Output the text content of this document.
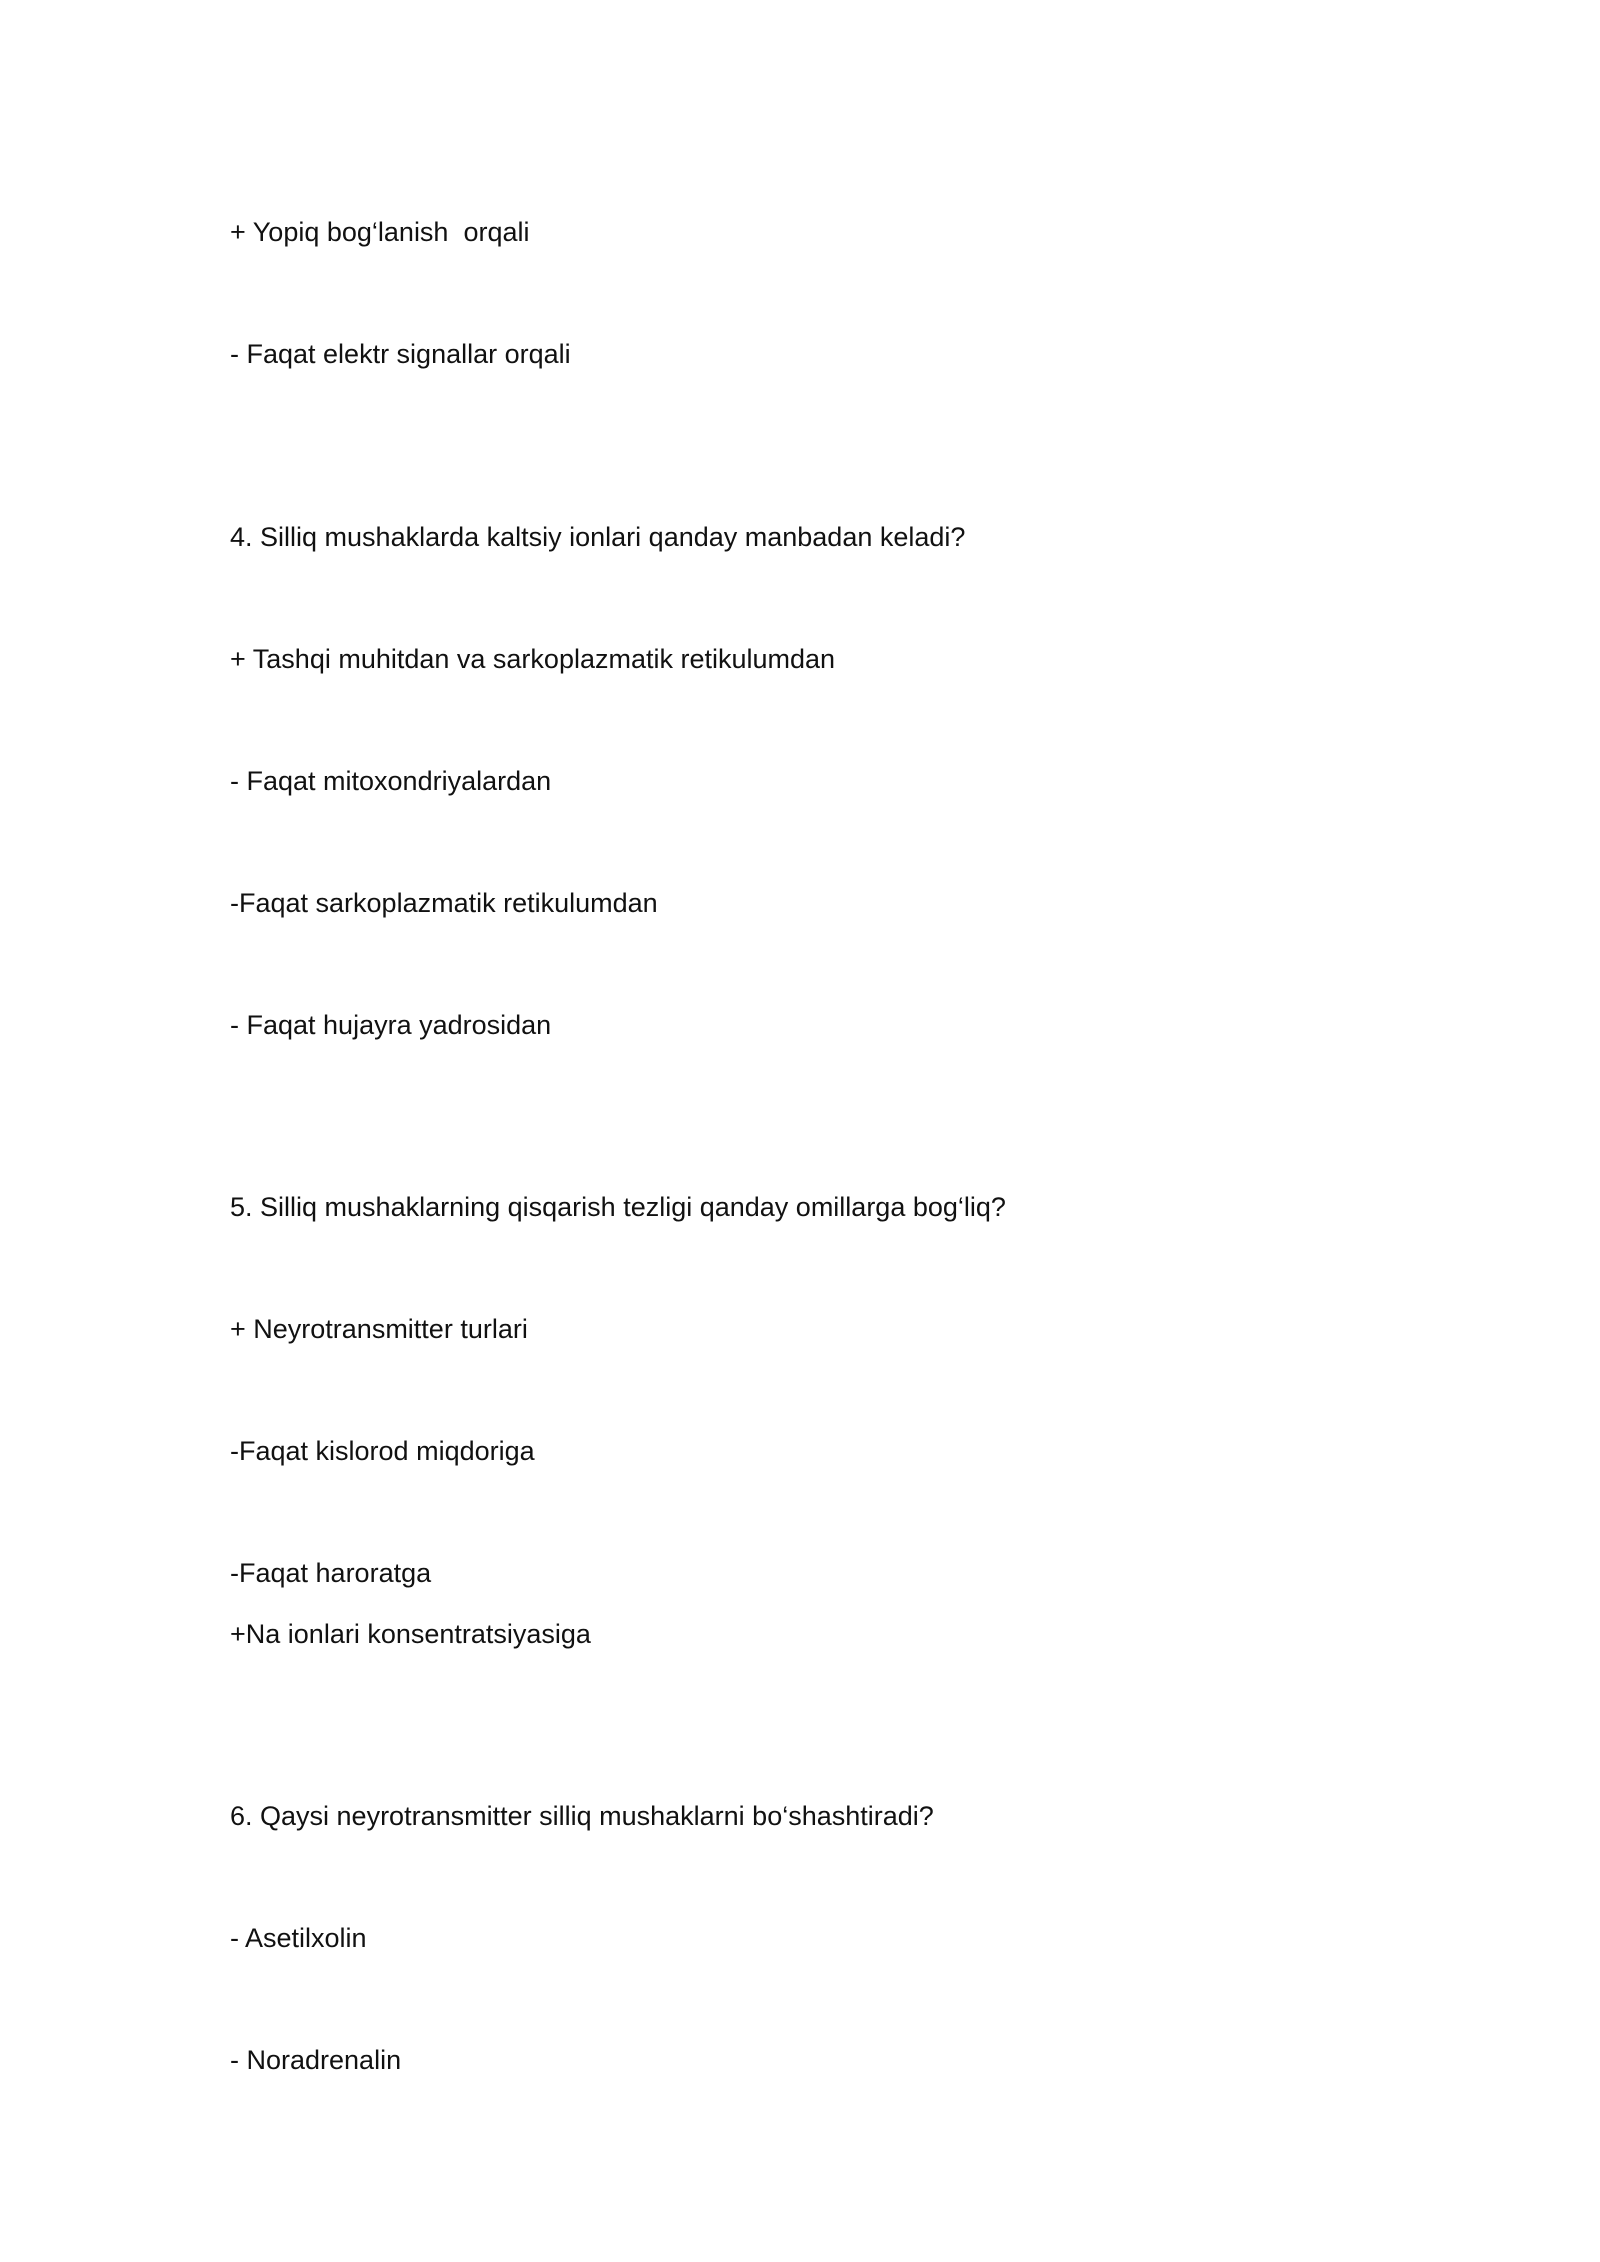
+ Yopiq bog‘lanish  orqali
- Faqat elektr signallar orqali
4. Silliq mushaklarda kaltsiy ionlari qanday manbadan keladi?
+ Tashqi muhitdan va sarkoplazmatik retikulumdan
- Faqat mitoxondriyalardan
-Faqat sarkoplazmatik retikulumdan
- Faqat hujayra yadrosidan
5. Silliq mushaklarning qisqarish tezligi qanday omillarga bog‘liq?
+ Neyrotransmitter turlari
-Faqat kislorod miqdoriga
-Faqat haroratga
+Na ionlari konsentratsiyasiga
6. Qaysi neyrotransmitter silliq mushaklarni bo‘shashtiradi?
- Asetilxolin
- Noradrenalin
